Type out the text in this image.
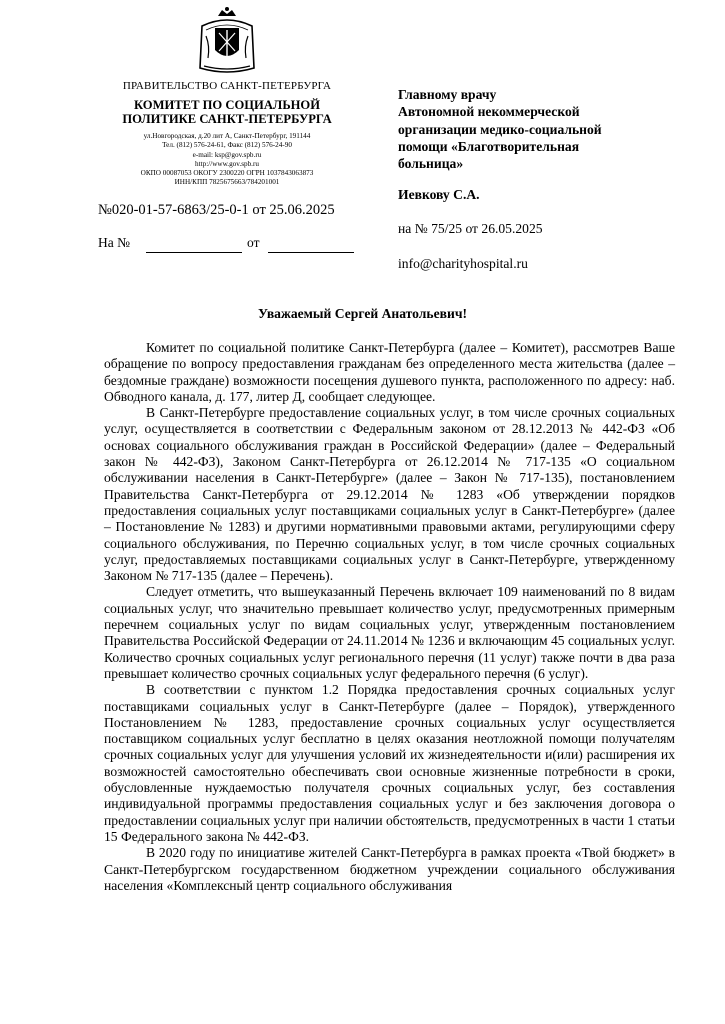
ПРАВИТЕЛЬСТВО САНКТ-ПЕТЕРБУРГА
КОМИТЕТ ПО СОЦИАЛЬНОЙ
ПОЛИТИКЕ САНКТ-ПЕТЕРБУРГА
ул.Новгородская, д.20 лит А, Санкт-Петербург, 191144
Тел. (812) 576-24-61, Факс (812) 576-24-90
e-mail: ksp@gov.spb.ru
http://www.gov.spb.ru
ОКПО 00087053 ОКОГУ 2300220 ОГРН 1037843063873
ИНН/КПП 7825675663/784201001
№020-01-57-6863/25-0-1 от 25.06.2025
На №	от
Главному врачу
Автономной некоммерческой
организации медико-социальной
помощи «Благотворительная
больница»
Иевкову С.А.
на № 75/25 от 26.05.2025
info@charityhospital.ru
Уважаемый Сергей Анатольевич!

Комитет по социальной политике Санкт-Петербурга (далее – Комитет), рассмотрев Ваше обращение по вопросу предоставления гражданам без определенного места жительства (далее – бездомные граждане) возможности посещения душевого пункта, расположенного по адресу: наб. Обводного канала, д. 177, литер Д, сообщает следующее.

В Санкт-Петербурге предоставление социальных услуг, в том числе срочных социальных услуг, осуществляется в соответствии с Федеральным законом от 28.12.2013 № 442-ФЗ «Об основах социального обслуживания граждан в Российской Федерации» (далее – Федеральный закон № 442-ФЗ), Законом Санкт-Петербурга от 26.12.2014 № 717-135 «О социальном обслуживании населения в Санкт-Петербурге» (далее – Закон № 717-135), постановлением Правительства Санкт-Петербурга от 29.12.2014 № 1283 «Об утверждении порядков предоставления социальных услуг поставщиками социальных услуг в Санкт-Петербурге» (далее – Постановление № 1283) и другими нормативными правовыми актами, регулирующими сферу социального обслуживания, по Перечню социальных услуг, в том числе срочных социальных услуг, предоставляемых поставщиками социальных услуг в Санкт-Петербурге, утвержденному Законом № 717-135 (далее – Перечень).

Следует отметить, что вышеуказанный Перечень включает 109 наименований по 8 видам социальных услуг, что значительно превышает количество услуг, предусмотренных примерным перечнем социальных услуг по видам социальных услуг, утвержденным постановлением Правительства Российской Федерации от 24.11.2014 № 1236 и включающим 45 социальных услуг. Количество срочных социальных услуг регионального перечня (11 услуг) также почти в два раза превышает количество срочных социальных услуг федерального перечня (6 услуг).

В соответствии с пунктом 1.2 Порядка предоставления срочных социальных услуг поставщиками социальных услуг в Санкт-Петербурге (далее – Порядок), утвержденного Постановлением № 1283, предоставление срочных социальных услуг осуществляется поставщиком социальных услуг бесплатно в целях оказания неотложной помощи получателям срочных социальных услуг для улучшения условий их жизнедеятельности и(или) расширения их возможностей самостоятельно обеспечивать свои основные жизненные потребности в сроки, обусловленные нуждаемостью получателя срочных социальных услуг, без составления индивидуальной программы предоставления социальных услуг и без заключения договора о предоставлении социальных услуг при наличии обстоятельств, предусмотренных в части 1 статьи 15 Федерального закона № 442-ФЗ.

В 2020 году по инициативе жителей Санкт-Петербурга в рамках проекта «Твой бюджет» в Санкт-Петербургском государственном бюджетном учреждении социального обслуживания населения «Комплексный центр социального обслуживания
